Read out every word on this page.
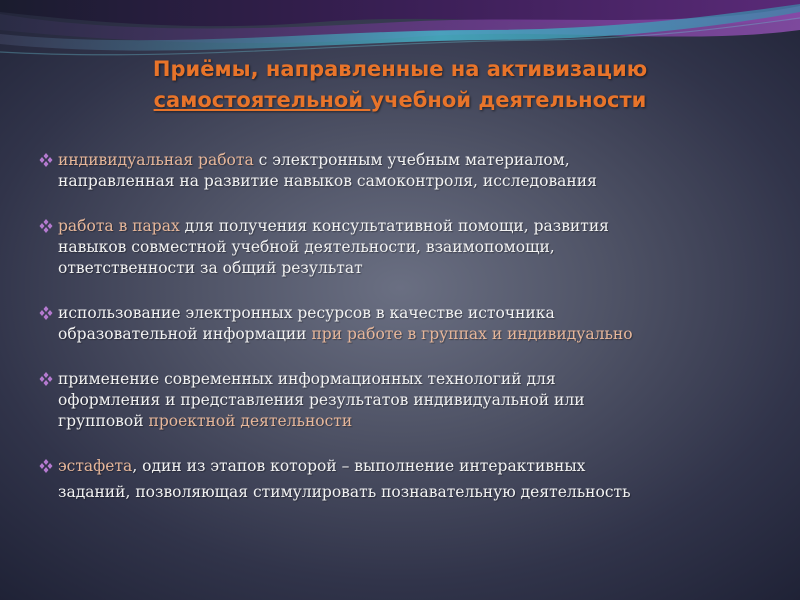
Приёмы, направленные на активизацию
самостоятельной учебной деятельности
индивидуальная работа с электронным учебным материалом,
направленная на развитие навыков самоконтроля, исследования
работа в парах для получения консультативной помощи, развития
навыков совместной учебной деятельности, взаимопомощи,
ответственности за общий результат
использование электронных ресурсов в качестве источника
образовательной информации при работе в группах и индивидуально
применение современных информационных технологий для
оформления и представления результатов индивидуальной или
групповой проектной деятельности
эстафета, один из этапов которой – выполнение интерактивных
заданий, позволяющая стимулировать познавательную деятельность
